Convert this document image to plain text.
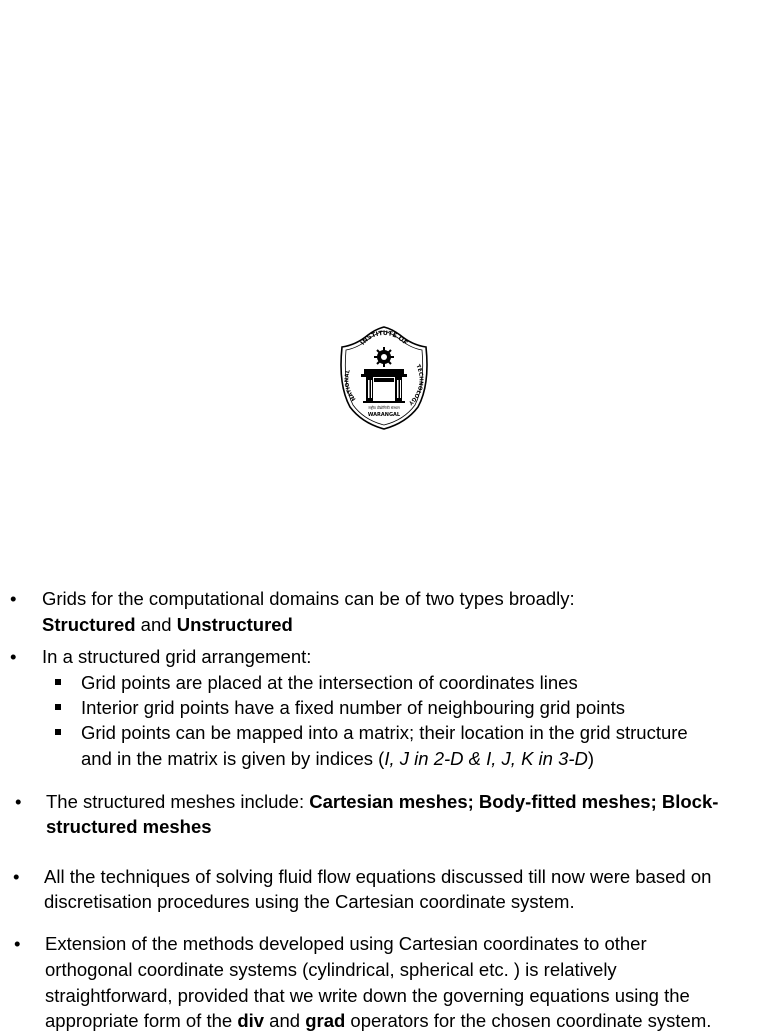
INSTITUTE OF
NATIONAL
TECHNOLOGY
राष्ट्रीय प्रौद्योगिकी संस्थान
WARANGAL
• Grids for the computational domains can be of two types broadly:
Structured and Unstructured
• In a structured grid arrangement:
Grid points are placed at the intersection of coordinates lines
Interior grid points have a fixed number of neighbouring grid points
Grid points can be mapped into a matrix; their location in the grid structure
and in the matrix is given by indices (I, J in 2-D & I, J, K in 3-D)
• The structured meshes include: Cartesian meshes; Body-fitted meshes; Block-
structured meshes
• All the techniques of solving fluid flow equations discussed till now were based on
discretisation procedures using the Cartesian coordinate system.
• Extension of the methods developed using Cartesian coordinates to other
orthogonal coordinate systems (cylindrical, spherical etc. ) is relatively
straightforward, provided that we write down the governing equations using the
appropriate form of the div and grad operators for the chosen coordinate system.
